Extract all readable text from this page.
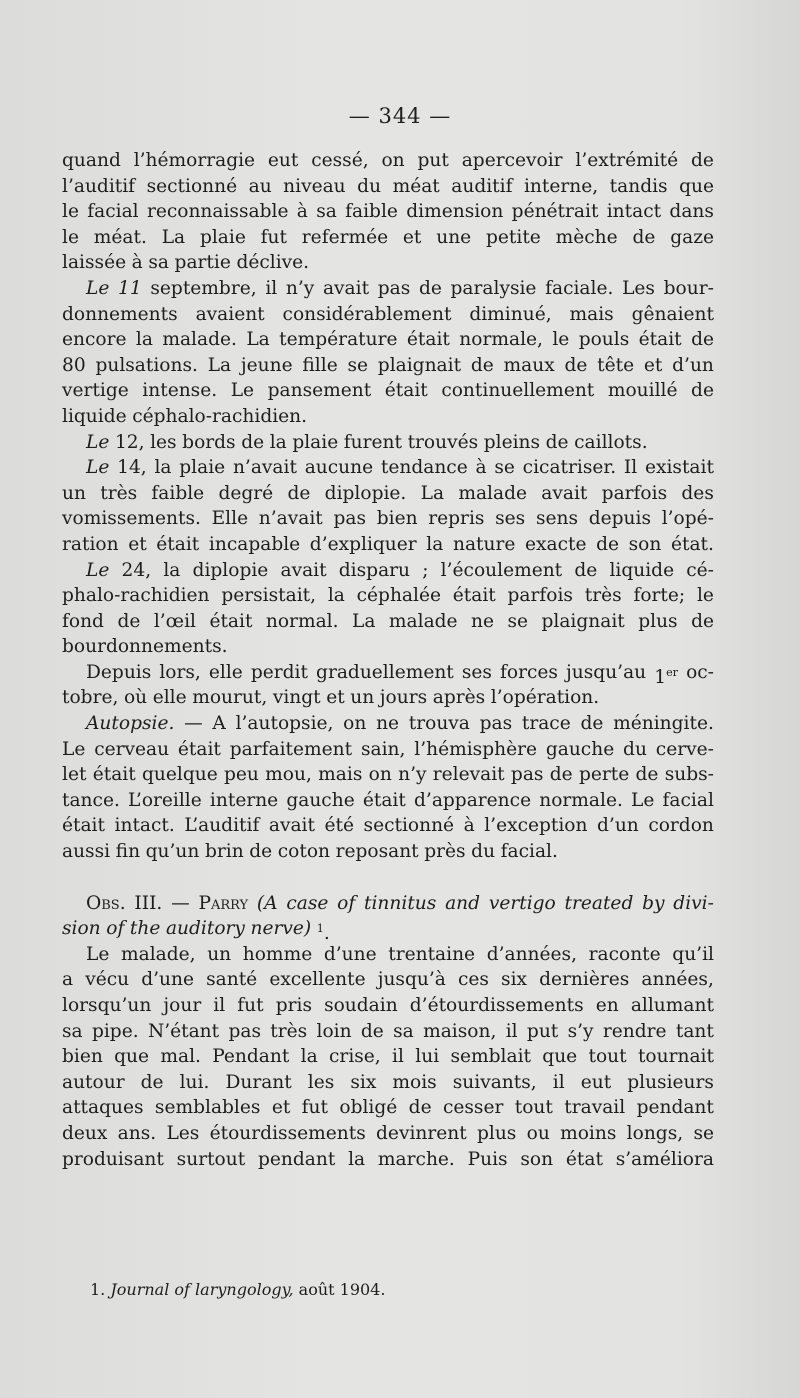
— 344 —
quand l’hémorragie eut cessé, on put apercevoir l’extrémité de
l’auditif sectionné au niveau du méat auditif interne, tandis que
le facial reconnaissable à sa faible dimension pénétrait intact dans
le méat. La plaie fut refermée et une petite mèche de gaze
laissée à sa partie déclive.
Le 11 septembre, il n’y avait pas de paralysie faciale. Les bour-
donnements avaient considérablement diminué, mais gênaient
encore la malade. La température était normale, le pouls était de
80 pulsations. La jeune fille se plaignait de maux de tête et d’un
vertige intense. Le pansement était continuellement mouillé de
liquide céphalo-rachidien.
Le 12, les bords de la plaie furent trouvés pleins de caillots.
Le 14, la plaie n’avait aucune tendance à se cicatriser. Il existait
un très faible degré de diplopie. La malade avait parfois des
vomissements. Elle n’avait pas bien repris ses sens depuis l’opé-
ration et était incapable d’expliquer la nature exacte de son état.
Le 24, la diplopie avait disparu ; l’écoulement de liquide cé-
phalo-rachidien persistait, la céphalée était parfois très forte; le
fond de l’œil était normal. La malade ne se plaignait plus de
bourdonnements.
Depuis lors, elle perdit graduellement ses forces jusqu’au 1er oc-
tobre, où elle mourut, vingt et un jours après l’opération.
Autopsie. — A l’autopsie, on ne trouva pas trace de méningite.
Le cerveau était parfaitement sain, l’hémisphère gauche du cerve-
let était quelque peu mou, mais on n’y relevait pas de perte de subs-
tance. L’oreille interne gauche était d’apparence normale. Le facial
était intact. L’auditif avait été sectionné à l’exception d’un cordon
aussi fin qu’un brin de coton reposant près du facial.
Obs. III. — Parry (A case of tinnitus and vertigo treated by divi-
sion of the auditory nerve) $^1$.
Le malade, un homme d’une trentaine d’années, raconte qu’il
a vécu d’une santé excellente jusqu’à ces six dernières années,
lorsqu’un jour il fut pris soudain d’étourdissements en allumant
sa pipe. N’étant pas très loin de sa maison, il put s’y rendre tant
bien que mal. Pendant la crise, il lui semblait que tout tournait
autour de lui. Durant les six mois suivants, il eut plusieurs
attaques semblables et fut obligé de cesser tout travail pendant
deux ans. Les étourdissements devinrent plus ou moins longs, se
produisant surtout pendant la marche. Puis son état s’améliora
1. Journal of laryngology, août 1904.
